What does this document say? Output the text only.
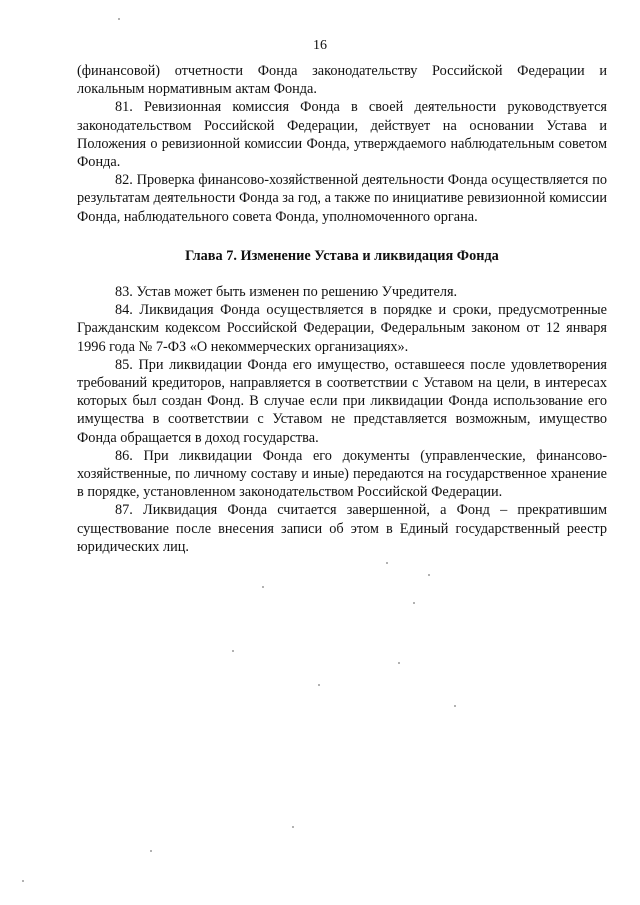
16

(финансовой) отчетности Фонда законодательству Российской Федерации и локальным нормативным актам Фонда.

81. Ревизионная комиссия Фонда в своей деятельности руководствуется законодательством Российской Федерации, действует на основании Устава и Положения о ревизионной комиссии Фонда, утверждаемого наблюдательным советом Фонда.

82. Проверка финансово-хозяйственной деятельности Фонда осуществляется по результатам деятельности Фонда за год, а также по инициативе ревизионной комиссии Фонда, наблюдательного совета Фонда, уполномоченного органа.

Глава 7. Изменение Устава и ликвидация Фонда

83. Устав может быть изменен по решению Учредителя.

84. Ликвидация Фонда осуществляется в порядке и сроки, предусмотренные Гражданским кодексом Российской Федерации, Федеральным законом от 12 января 1996 года № 7-ФЗ «О некоммерческих организациях».

85. При ликвидации Фонда его имущество, оставшееся после удовлетворения требований кредиторов, направляется в соответствии с Уставом на цели, в интересах которых был создан Фонд. В случае если при ликвидации Фонда использование его имущества в соответствии с Уставом не представляется возможным, имущество Фонда обращается в доход государства.

86. При ликвидации Фонда его документы (управленческие, финансово-хозяйственные, по личному составу и иные) передаются на государственное хранение в порядке, установленном законодательством Российской Федерации.

87. Ликвидация Фонда считается завершенной, а Фонд – прекратившим существование после внесения записи об этом в Единый государственный реестр юридических лиц.
